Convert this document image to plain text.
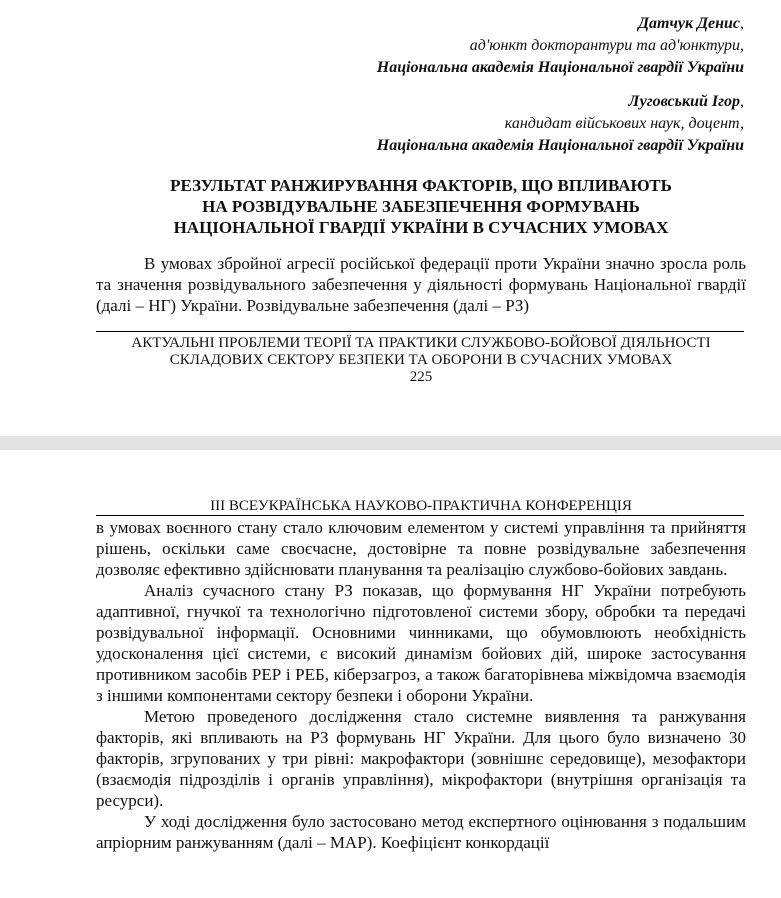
Датчук Денис,
ад'юнкт докторантури та ад'юнктури,
Національна академія Національної гвардії України
Луговський Ігор,
кандидат військових наук, доцент,
Національна академія Національної гвардії України
РЕЗУЛЬТАТ РАНЖИРУВАННЯ ФАКТОРІВ, ЩО ВПЛИВАЮТЬ
НА РОЗВІДУВАЛЬНЕ ЗАБЕЗПЕЧЕННЯ ФОРМУВАНЬ
НАЦІОНАЛЬНОЇ ГВАРДІЇ УКРАЇНИ В СУЧАСНИХ УМОВАХ
В умовах збройної агресії російської федерації проти України значно зросла роль та значення розвідувального забезпечення у діяльності формувань Національної гвардії (далі – НГ) України. Розвідувальне забезпечення (далі – РЗ)
АКТУАЛЬНІ ПРОБЛЕМИ ТЕОРІЇ ТА ПРАКТИКИ СЛУЖБОВО-БОЙОВОЇ ДІЯЛЬНОСТІ
СКЛАДОВИХ СЕКТОРУ БЕЗПЕКИ ТА ОБОРОНИ В СУЧАСНИХ УМОВАХ
225
ІІІ ВСЕУКРАЇНСЬКА НАУКОВО-ПРАКТИЧНА КОНФЕРЕНЦІЯ

в умовах воєнного стану стало ключовим елементом у системі управління та прийняття рішень, оскільки саме своєчасне, достовірне та повне розвідувальне забезпечення дозволяє ефективно здійснювати планування та реалізацію службово-бойових завдань.

Аналіз сучасного стану РЗ показав, що формування НГ України потребують адаптивної, гнучкої та технологічно підготовленої системи збору, обробки та передачі розвідувальної інформації. Основними чинниками, що обумовлюють необхідність удосконалення цієї системи, є високий динамізм бойових дій, широке застосування противником засобів РЕР і РЕБ, кіберзагроз, а також багаторівнева міжвідомча взаємодія з іншими компонентами сектору безпеки і оборони України.

Метою проведеного дослідження стало системне виявлення та ранжування факторів, які впливають на РЗ формувань НГ України. Для цього було визначено 30 факторів, згрупованих у три рівні: макрофактори (зовнішнє середовище), мезофактори (взаємодія підрозділів і органів управління), мікрофактори (внутрішня організація та ресурси).

У ході дослідження було застосовано метод експертного оцінювання з подальшим апріорним ранжуванням (далі – МАР). Коефіцієнт конкордації
